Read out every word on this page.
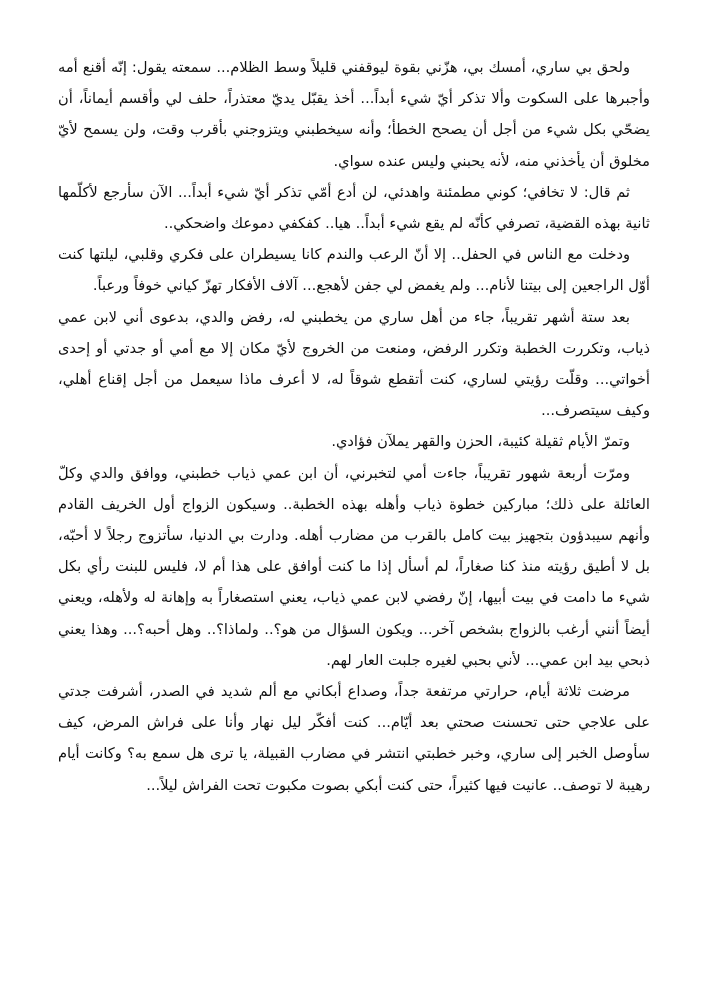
ولحق بي ساري، أمسك بي، هزّني بقوة ليوقفني قليلاً وسط الظلام... سمعته يقول: إنّه أقنع أمه وأجبرها على السكوت وألا تذكر أيّ شيء أبداً... أخذ يقبّل يديّ معتذراً، حلف لي وأقسم أيماناً، أن يضحّي بكل شيء من أجل أن يصحح الخطأ؛ وأنه سيخطبني ويتزوجني بأقرب وقت، ولن يسمح لأيّ مخلوق أن يأخذني منه، لأنه يحبني وليس عنده سواي.

ثم قال: لا تخافي؛ كوني مطمئنة واهدئي، لن أدع أمّي تذكر أيّ شيء أبداً... الآن سأرجع لأكلّمها ثانية بهذه القضية، تصرفي كأنّه لم يقع شيء أبداً.. هيا.. كفكفي دموعك واضحكي..

ودخلت مع الناس في الحفل.. إلا أنّ الرعب والندم كانا يسيطران على فكري وقلبي، ليلتها كنت أوّل الراجعين إلى بيتنا لأنام... ولم يغمض لي جفن لأهجع... آلاف الأفكار تهزّ كياني خوفاً ورعباً.

بعد ستة أشهر تقريباً، جاء من أهل ساري من يخطبني له، رفض والدي، بدعوى أني لابن عمي ذياب، وتكررت الخطبة وتكرر الرفض، ومنعت من الخروج لأيّ مكان إلا مع أمي أو جدتي أو إحدى أخواتي... وقلّت رؤيتي لساري، كنت أتقطع شوقاً له، لا أعرف ماذا سيعمل من أجل إقناع أهلي، وكيف سيتصرف...

وتمرّ الأيام ثقيلة كئيبة، الحزن والقهر يملآن فؤادي.

ومرّت أربعة شهور تقريباً، جاءت أمي لتخبرني، أن ابن عمي ذياب خطبني، ووافق والدي وكلّ العائلة على ذلك؛ مباركين خطوة ذياب وأهله بهذه الخطبة.. وسيكون الزواج أول الخريف القادم وأنهم سيبدؤون بتجهيز بيت كامل بالقرب من مضارب أهله. ودارت بي الدنيا، سأتزوج رجلاً لا أحبّه، بل لا أطيق رؤيته منذ كنا صغاراً، لم أسأل إذا ما كنت أوافق على هذا أم لا، فليس للبنت رأي بكل شيء ما دامت في بيت أبيها، إنّ رفضي لابن عمي ذياب، يعني استصغاراً به وإهانة له ولأهله، ويعني أيضاً أنني أرغب بالزواج بشخص آخر... ويكون السؤال من هو؟.. ولماذا؟.. وهل أحبه؟... وهذا يعني ذبحي بيد ابن عمي... لأني بحبي لغيره جلبت العار لهم.

مرضت ثلاثة أيام، حرارتي مرتفعة جداً، وصداع أبكاني مع ألم شديد في الصدر، أشرفت جدتي على علاجي حتى تحسنت صحتي بعد أيّام... كنت أفكّر ليل نهار وأنا على فراش المرض، كيف سأوصل الخبر إلى ساري، وخبر خطبتي انتشر في مضارب القبيلة، يا ترى هل سمع به؟ وكانت أيام رهيبة لا توصف.. عانيت فيها كثيراً، حتى كنت أبكي بصوت مكبوت تحت الفراش ليلاً...
